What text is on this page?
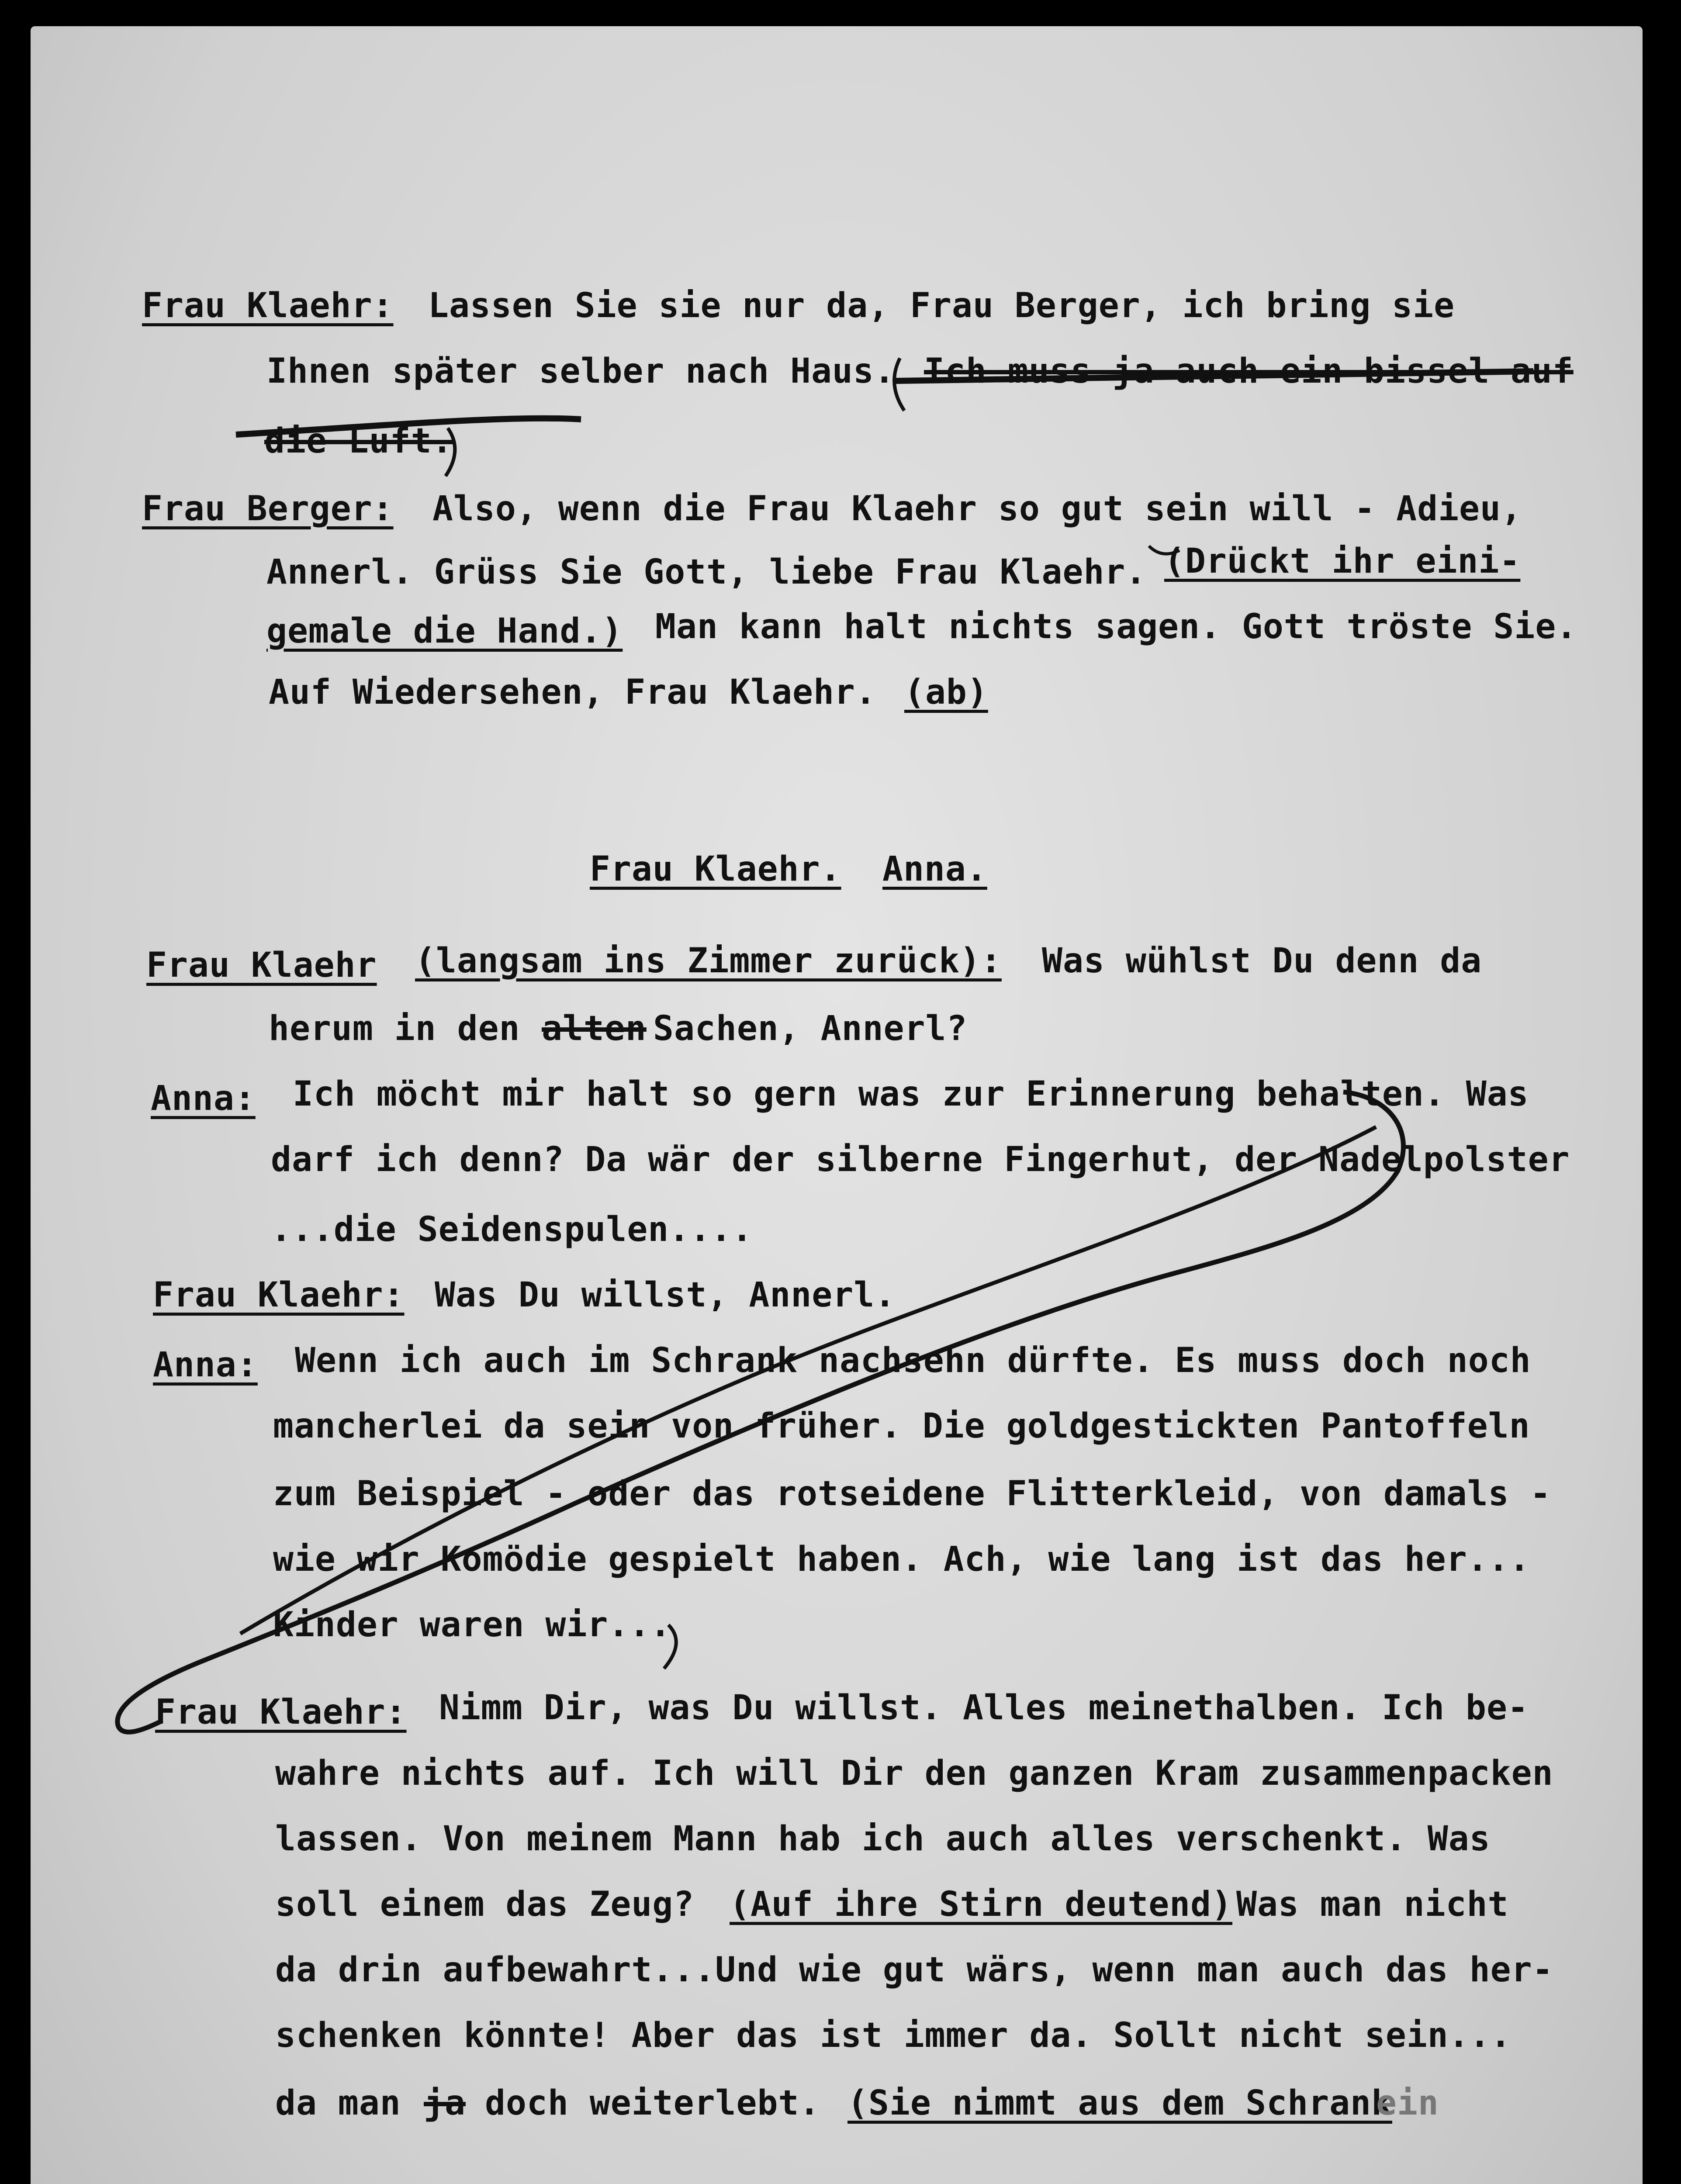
Frau Klaehr: Lassen Sie sie nur da, Frau Berger, ich bring sie
Ihnen später selber nach Haus. Ich muss ja auch ein bissel auf
die Luft.
Frau Berger: Also, wenn die Frau Klaehr so gut sein will - Adieu,
Annerl. Grüss Sie Gott, liebe Frau Klaehr. (Drückt ihr eini-
gemale die Hand.) Man kann halt nichts sagen. Gott tröste Sie.
Auf Wiedersehen, Frau Klaehr. (ab)
Frau Klaehr. Anna.
Frau Klaehr (langsam ins Zimmer zurück): Was wühlst Du denn da
herum in den alten Sachen, Annerl?
Anna: Ich möcht mir halt so gern was zur Erinnerung behalten. Was
darf ich denn? Da wär der silberne Fingerhut, der Nadelpolster
...die Seidenspulen....
Frau Klaehr: Was Du willst, Annerl.
Anna: Wenn ich auch im Schrank nachsehn dürfte. Es muss doch noch
mancherlei da sein von früher. Die goldgestickten Pantoffeln
zum Beispiel - oder das rotseidene Flitterkleid, von damals -
wie wir Komödie gespielt haben. Ach, wie lang ist das her...
Kinder waren wir...
Frau Klaehr: Nimm Dir, was Du willst. Alles meinethalben. Ich be-
wahre nichts auf. Ich will Dir den ganzen Kram zusammenpacken
lassen. Von meinem Mann hab ich auch alles verschenkt. Was
soll einem das Zeug? (Auf ihre Stirn deutend) Was man nicht
da drin aufbewahrt...Und wie gut wärs, wenn man auch das her-
schenken könnte! Aber das ist immer da. Sollt nicht sein...
da man ja doch weiterlebt. (Sie nimmt aus dem Schrank
ein
